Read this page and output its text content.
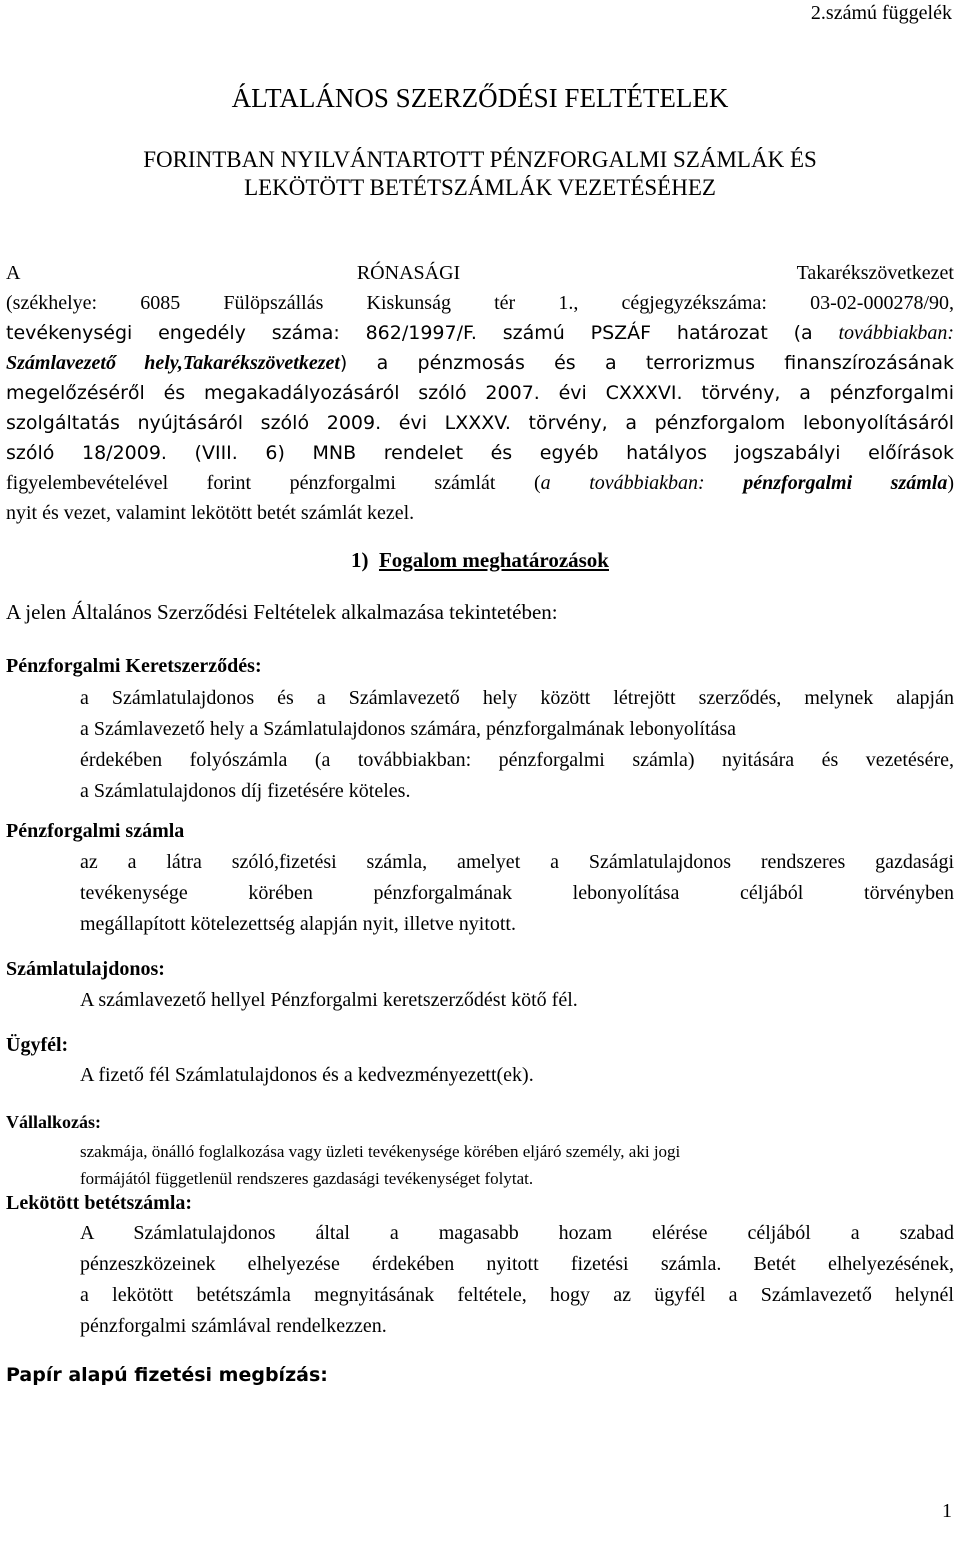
2.számú függelék
ÁLTALÁNOS SZERZŐDÉSI FELTÉTELEK
FORINTBAN NYILVÁNTARTOTT PÉNZFORGALMI SZÁMLÁK ÉS
LEKÖTÖTT BETÉTSZÁMLÁK VEZETÉSÉHEZ
A	RÓNASÁGI	Takarékszövetkezet
(székhelye: 6085 Fülöpszállás Kiskunság tér 1., cégjegyzékszáma: 03-02-000278/90,
tevékenységi engedély száma: 862/1997/F. számú PSZÁF határozat (a továbbiakban:
Számlavezető hely,Takarékszövetkezet) a pénzmosás és a terrorizmus finanszírozásának
megelőzéséről és megakadályozásáról szóló 2007. évi CXXXVI. törvény, a pénzforgalmi
szolgáltatás nyújtásáról szóló 2009. évi LXXXV. törvény, a pénzforgalom lebonyolításáról
szóló 18/2009. (VIII. 6) MNB rendelet és egyéb hatályos jogszabályi előírások
figyelembevételével forint pénzforgalmi számlát (a továbbiakban: pénzforgalmi számla)
nyit és vezet, valamint lekötött betét számlát kezel.
1) Fogalom meghatározások
A jelen Általános Szerződési Feltételek alkalmazása tekintetében:
Pénzforgalmi Keretszerződés:
a Számlatulajdonos és a Számlavezető hely között létrejött szerződés, melynek alapján
a Számlavezető hely a Számlatulajdonos számára, pénzforgalmának lebonyolítása
érdekében folyószámla (a továbbiakban: pénzforgalmi számla) nyitására és vezetésére,
a Számlatulajdonos díj fizetésére köteles.
Pénzforgalmi számla
az a látra szóló,fizetési számla, amelyet a Számlatulajdonos rendszeres gazdasági
tevékenysége körében pénzforgalmának lebonyolítása céljából törvényben
megállapított kötelezettség alapján nyit, illetve nyitott.
Számlatulajdonos:
A számlavezető hellyel Pénzforgalmi keretszerződést kötő fél.
Ügyfél:
A fizető fél Számlatulajdonos és a kedvezményezett(ek).
Vállalkozás:
szakmája, önálló foglalkozása vagy üzleti tevékenysége körében eljáró személy, aki jogi
formájától függetlenül rendszeres gazdasági tevékenységet folytat.
Lekötött betétszámla:
A Számlatulajdonos által a magasabb hozam elérése céljából a szabad
pénzeszközeinek elhelyezése érdekében nyitott fizetési számla. Betét elhelyezésének,
a lekötött betétszámla megnyitásának feltétele, hogy az ügyfél a Számlavezető helynél
pénzforgalmi számlával rendelkezzen.
Papír alapú fizetési megbízás:
1
